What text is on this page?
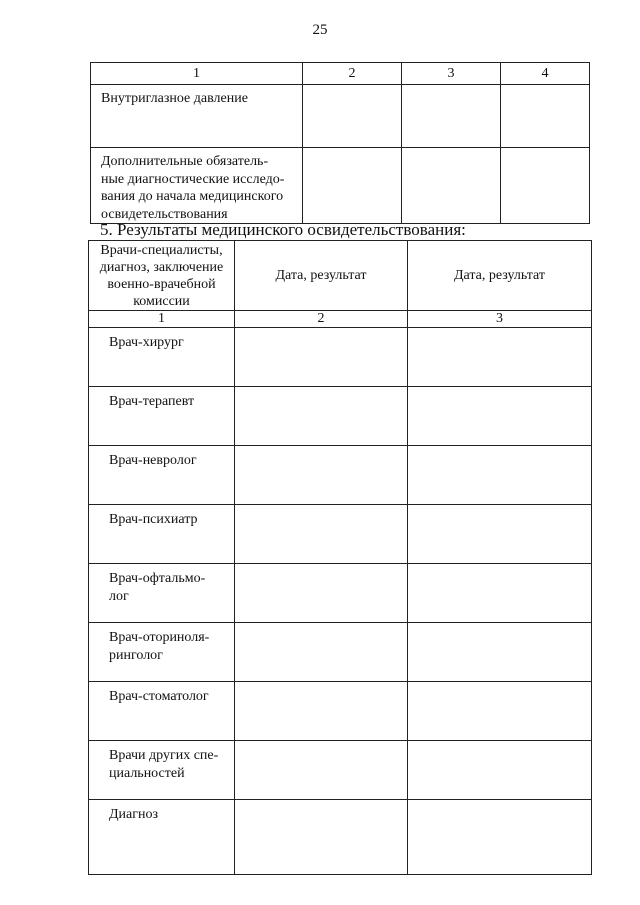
25
1	2	3	4
Внутриглазное давление			

Дополнительные обязатель-
ные диагностические исследо-
вания до начала медицинского
освидетельствования			

5. Результаты медицинского освидетельствования:
Врачи-специалисты,
диагноз, заключение
военно-врачебной
комиссии	Дата, результат	Дата, результат
1	2	3

Врач-хирург		

Врач-терапевт		

Врач-невролог		

Врач-психиатр		

Врач-офтальмо-
лог		

Врач-оториноля-
ринголог		

Врач-стоматолог		

Врачи других спе-
циальностей		

Диагноз		
